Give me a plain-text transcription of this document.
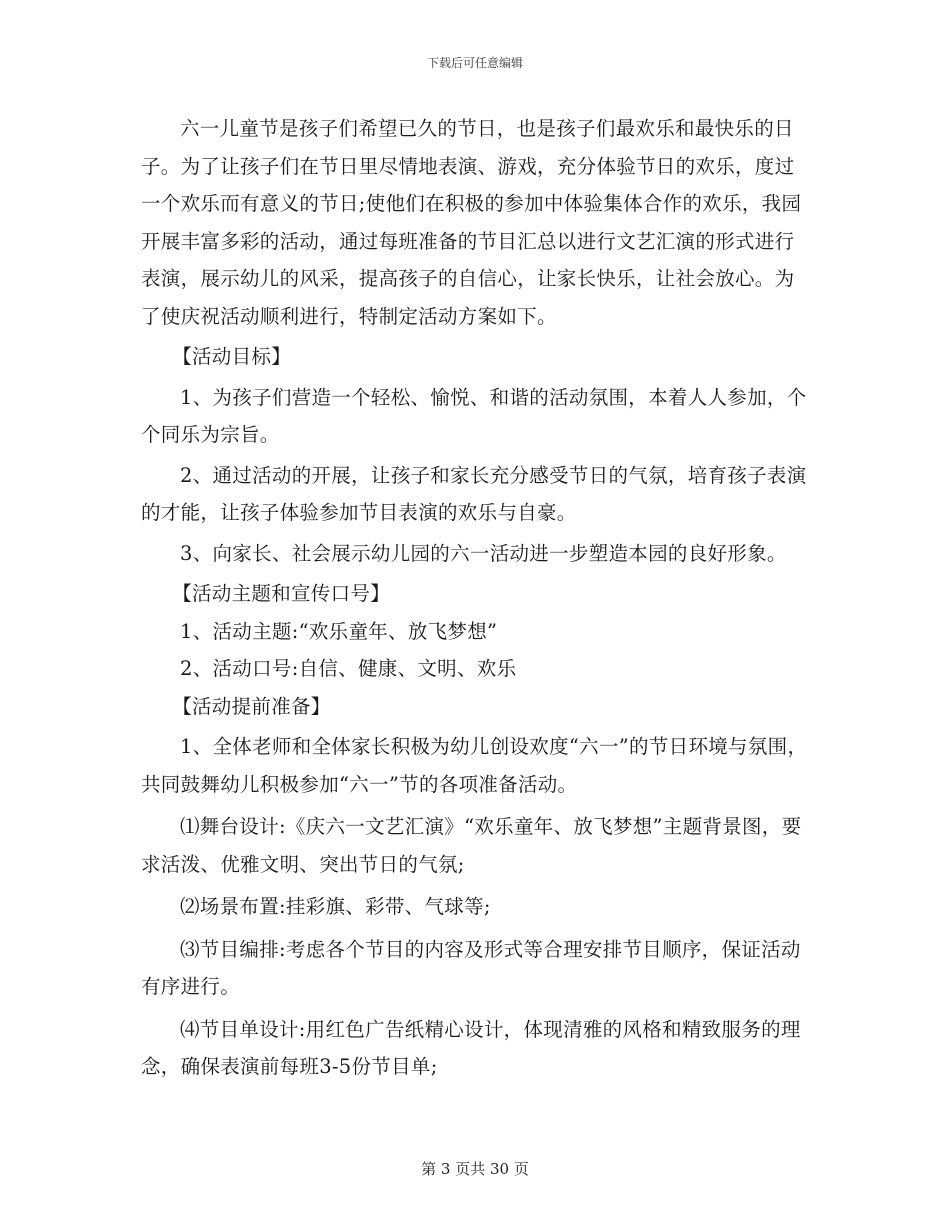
下载后可任意编辑

六一儿童节是孩子们希望已久的节日，也是孩子们最欢乐和最快乐的日子。为了让孩子们在节日里尽情地表演、游戏，充分体验节日的欢乐，度过一个欢乐而有意义的节日;使他们在积极的参加中体验集体合作的欢乐，我园开展丰富多彩的活动，通过每班准备的节目汇总以进行文艺汇演的形式进行表演，展示幼儿的风采，提高孩子的自信心，让家长快乐，让社会放心。为了使庆祝活动顺利进行，特制定活动方案如下。

【活动目标】

1、为孩子们营造一个轻松、愉悦、和谐的活动氛围，本着人人参加，个个同乐为宗旨。

2、通过活动的开展，让孩子和家长充分感受节日的气氛，培育孩子表演的才能，让孩子体验参加节目表演的欢乐与自豪。

3、向家长、社会展示幼儿园的六一活动进一步塑造本园的良好形象。

【活动主题和宣传口号】

1、活动主题:“欢乐童年、放飞梦想”

2、活动口号:自信、健康、文明、欢乐

【活动提前准备】

1、全体老师和全体家长积极为幼儿创设欢度“六一”的节日环境与氛围，共同鼓舞幼儿积极参加“六一”节的各项准备活动。

⑴舞台设计:《庆六一文艺汇演》“欢乐童年、放飞梦想”主题背景图，要求活泼、优雅文明、突出节日的气氛;

⑵场景布置:挂彩旗、彩带、气球等;

⑶节目编排:考虑各个节目的内容及形式等合理安排节目顺序，保证活动有序进行。

⑷节目单设计:用红色广告纸精心设计，体现清雅的风格和精致服务的理念，确保表演前每班3-5份节目单;

第 3 页共 30 页
